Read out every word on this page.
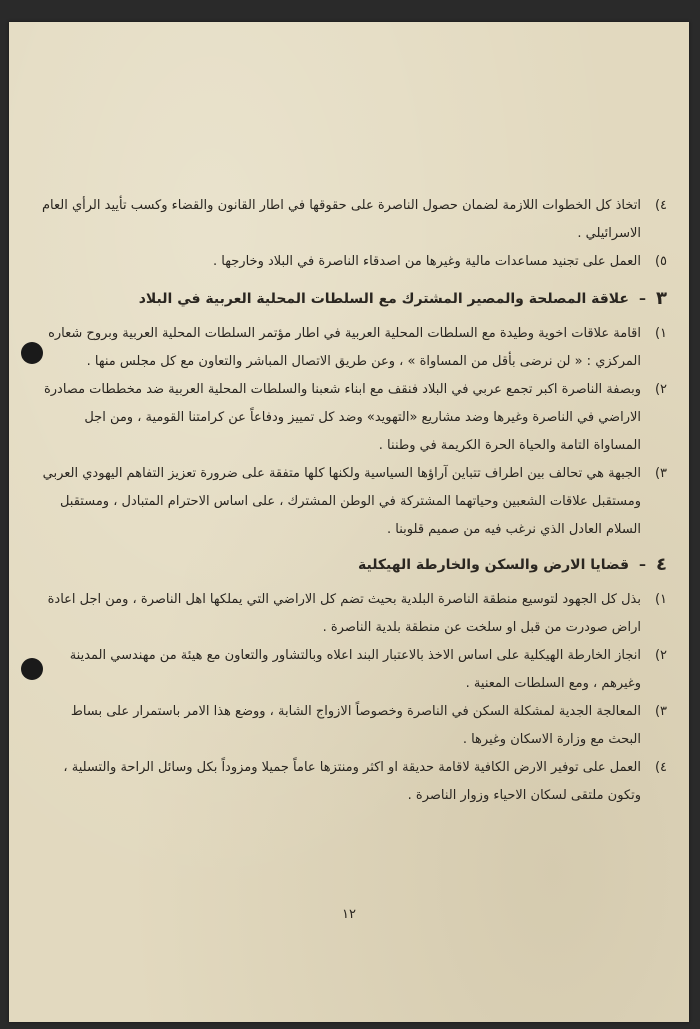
٤)
اتخاذ كل الخطوات اللازمة لضمان حصول الناصرة على حقوقها في اطار القانون والقضاء وكسب تأييد الرأي العام الاسرائيلي .
٥)
العمل على تجنيد مساعدات مالية وغيرها من اصدقاء الناصرة في البلاد وخارجها .
٣
–
علاقة المصلحة والمصير المشترك مع السلطات المحلية العربية في البلاد
١)
اقامة علاقات اخوية وطيدة مع السلطات المحلية العربية في اطار مؤتمر السلطات المحلية العربية وبروح شعاره المركزي : « لن نرضى بأقل من المساواة » ، وعن طريق الاتصال المباشر والتعاون مع كل مجلس منها .
٢)
وبصفة الناصرة اكبر تجمع عربي في البلاد فنقف مع ابناء شعبنا والسلطات المحلية العربية ضد مخططات مصادرة الاراضي في الناصرة وغيرها وضد مشاريع «التهويد» وضد كل تمييز ودفاعاً عن كرامتنا القومية ، ومن اجل المساواة التامة والحياة الحرة الكريمة في وطننا .
٣)
الجبهة هي تحالف بين اطراف تتباين آراؤها السياسية ولكنها كلها متفقة على ضرورة تعزيز التفاهم اليهودي العربي ومستقبل علاقات الشعبين وحياتهما المشتركة في الوطن المشترك ، على اساس الاحترام المتبادل ، ومستقبل السلام العادل الذي نرغب فيه من صميم قلوبنا .
٤
–
قضايا الارض والسكن والخارطة الهيكلية
١)
بذل كل الجهود لتوسيع منطقة الناصرة البلدية بحيث تضم كل الاراضي التي يملكها اهل الناصرة ، ومن اجل اعادة اراض صودرت من قبل او سلخت عن منطقة بلدية الناصرة .
٢)
انجاز الخارطة الهيكلية على اساس الاخذ بالاعتبار البند اعلاه وبالتشاور والتعاون مع هيئة من مهندسي المدينة وغيرهم ، ومع السلطات المعنية .
٣)
المعالجة الجدية لمشكلة السكن في الناصرة وخصوصاً الازواج الشابة ، ووضع هذا الامر باستمرار على بساط البحث مع وزارة الاسكان وغيرها .
٤)
العمل على توفير الارض الكافية لاقامة حديقة او اكثر ومنتزها عاماً جميلا ومزوداً بكل وسائل الراحة والتسلية ، وتكون ملتقى لسكان الاحياء وزوار الناصرة .
١٢
